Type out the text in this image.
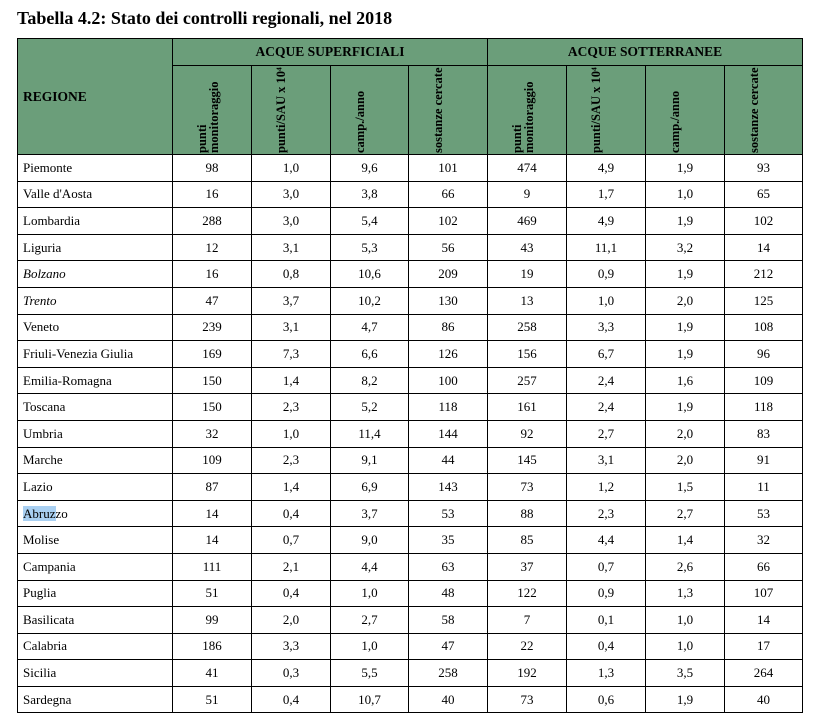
Tabella 4.2: Stato dei controlli regionali, nel 2018
REGIONE	ACQUE SUPERFICIALI				ACQUE SOTTERRANEE			

	punti monitoraggio	punti/SAU x 10⁴	camp./anno	sostanze cercate	punti monitoraggio	punti/SAU x 10⁴	camp./anno	sostanze cercate

Piemonte	98	1,0	9,6	101	474	4,9	1,9	93
Valle d'Aosta	16	3,0	3,8	66	9	1,7	1,0	65
Lombardia	288	3,0	5,4	102	469	4,9	1,9	102
Liguria	12	3,1	5,3	56	43	11,1	3,2	14
Bolzano	16	0,8	10,6	209	19	0,9	1,9	212
Trento	47	3,7	10,2	130	13	1,0	2,0	125
Veneto	239	3,1	4,7	86	258	3,3	1,9	108
Friuli-Venezia Giulia	169	7,3	6,6	126	156	6,7	1,9	96
Emilia-Romagna	150	1,4	8,2	100	257	2,4	1,6	109
Toscana	150	2,3	5,2	118	161	2,4	1,9	118
Umbria	32	1,0	11,4	144	92	2,7	2,0	83
Marche	109	2,3	9,1	44	145	3,1	2,0	91
Lazio	87	1,4	6,9	143	73	1,2	1,5	11
Abruzzo	14	0,4	3,7	53	88	2,3	2,7	53
Molise	14	0,7	9,0	35	85	4,4	1,4	32
Campania	111	2,1	4,4	63	37	0,7	2,6	66
Puglia	51	0,4	1,0	48	122	0,9	1,3	107
Basilicata	99	2,0	2,7	58	7	0,1	1,0	14
Calabria	186	3,3	1,0	47	22	0,4	1,0	17
Sicilia	41	0,3	5,5	258	192	1,3	3,5	264
Sardegna	51	0,4	10,7	40	73	0,6	1,9	40
